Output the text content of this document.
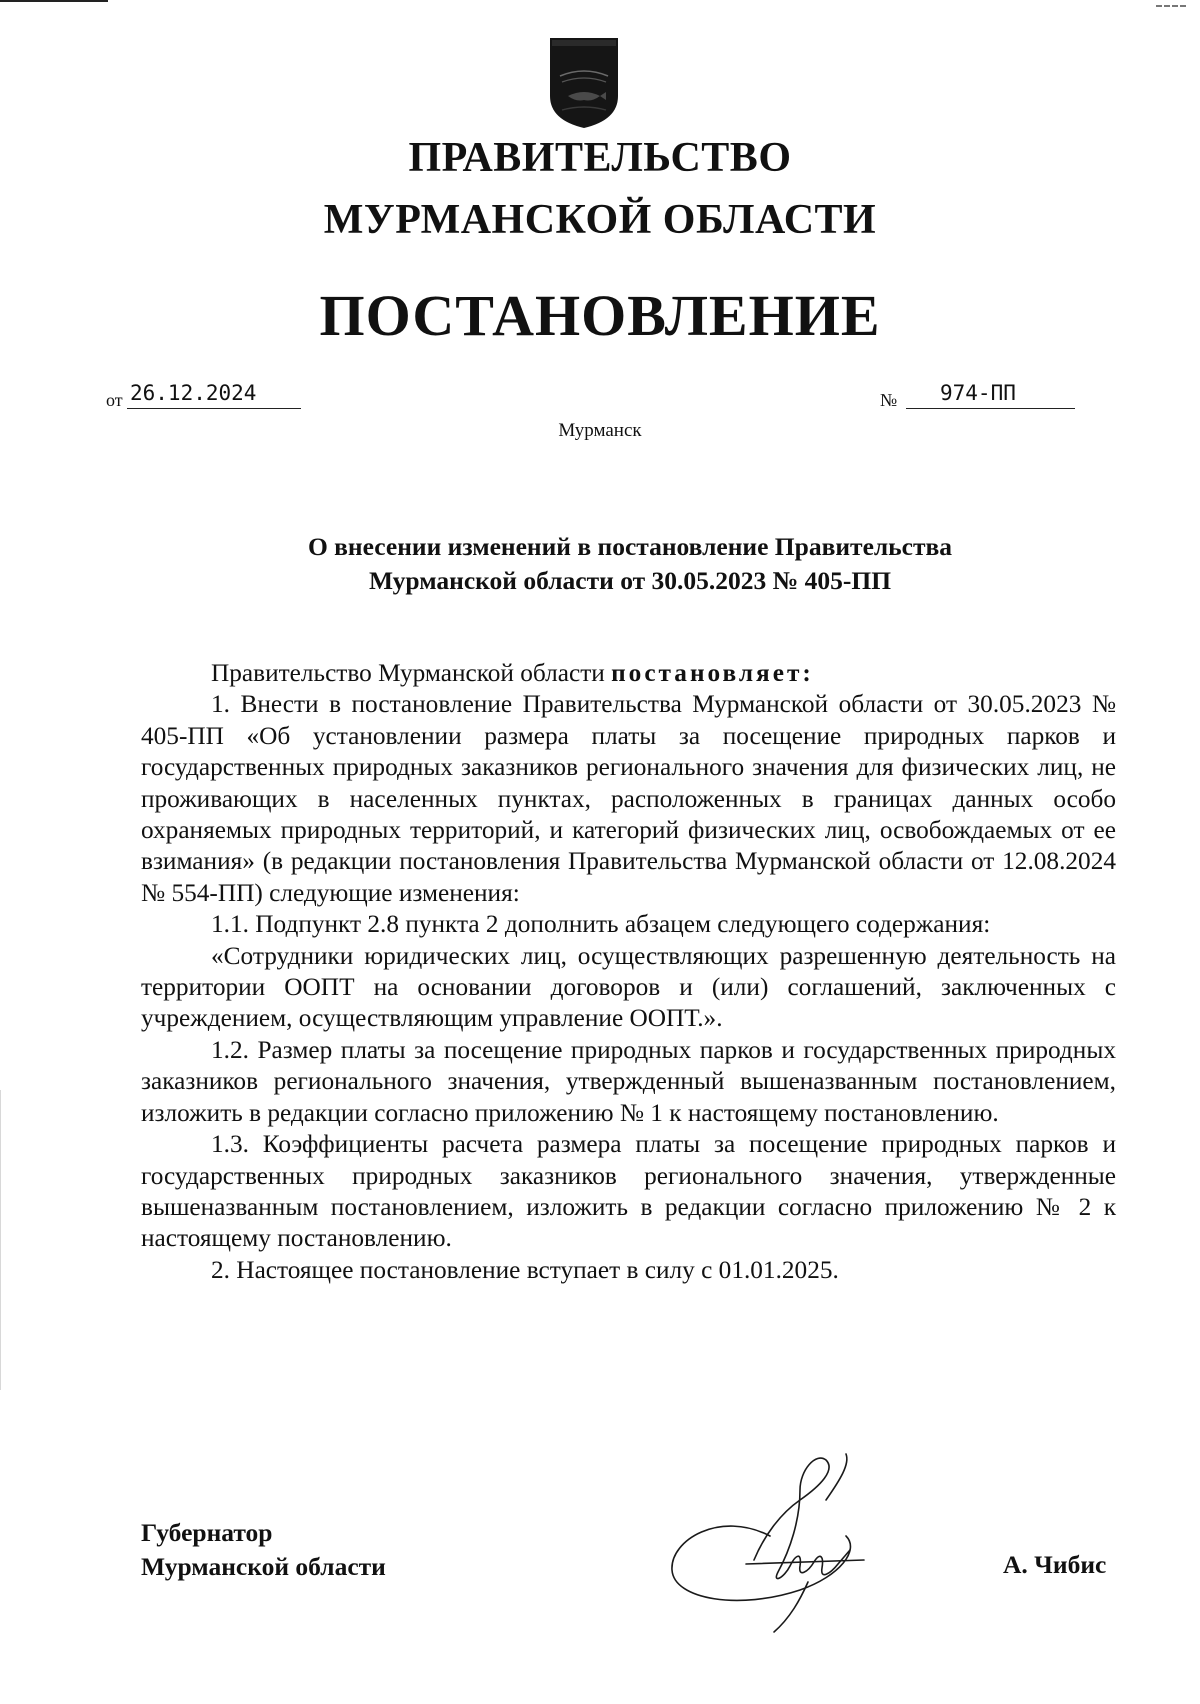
ПРАВИТЕЛЬСТВО
МУРМАНСКОЙ ОБЛАСТИ
ПОСТАНОВЛЕНИЕ
от 26.12.2024	№	974-ПП
Мурманск
О внесении изменений в постановление Правительства
Мурманской области от 30.05.2023 № 405-ПП

Правительство Мурманской области постановляет:

1. Внести в постановление Правительства Мурманской области от 30.05.2023 № 405-ПП «Об установлении размера платы за посещение природных парков и государственных природных заказников регионального значения для физических лиц, не проживающих в населенных пунктах, расположенных в границах данных особо охраняемых природных территорий, и категорий физических лиц, освобождаемых от ее взимания» (в редакции постановления Правительства Мурманской области от 12.08.2024 № 554-ПП) следующие изменения:

1.1. Подпункт 2.8 пункта 2 дополнить абзацем следующего содержания:

«Сотрудники юридических лиц, осуществляющих разрешенную деятельность на территории ООПТ на основании договоров и (или) соглашений, заключенных с учреждением, осуществляющим управление ООПТ.».

1.2. Размер платы за посещение природных парков и государственных природных заказников регионального значения, утвержденный вышеназванным постановлением, изложить в редакции согласно приложению № 1 к настоящему постановлению.

1.3. Коэффициенты расчета размера платы за посещение природных парков и государственных природных заказников регионального значения, утвержденные вышеназванным постановлением, изложить в редакции согласно приложению № 2 к настоящему постановлению.

2. Настоящее постановление вступает в силу с 01.01.2025.

Губернатор
Мурманской области	А. Чибис
